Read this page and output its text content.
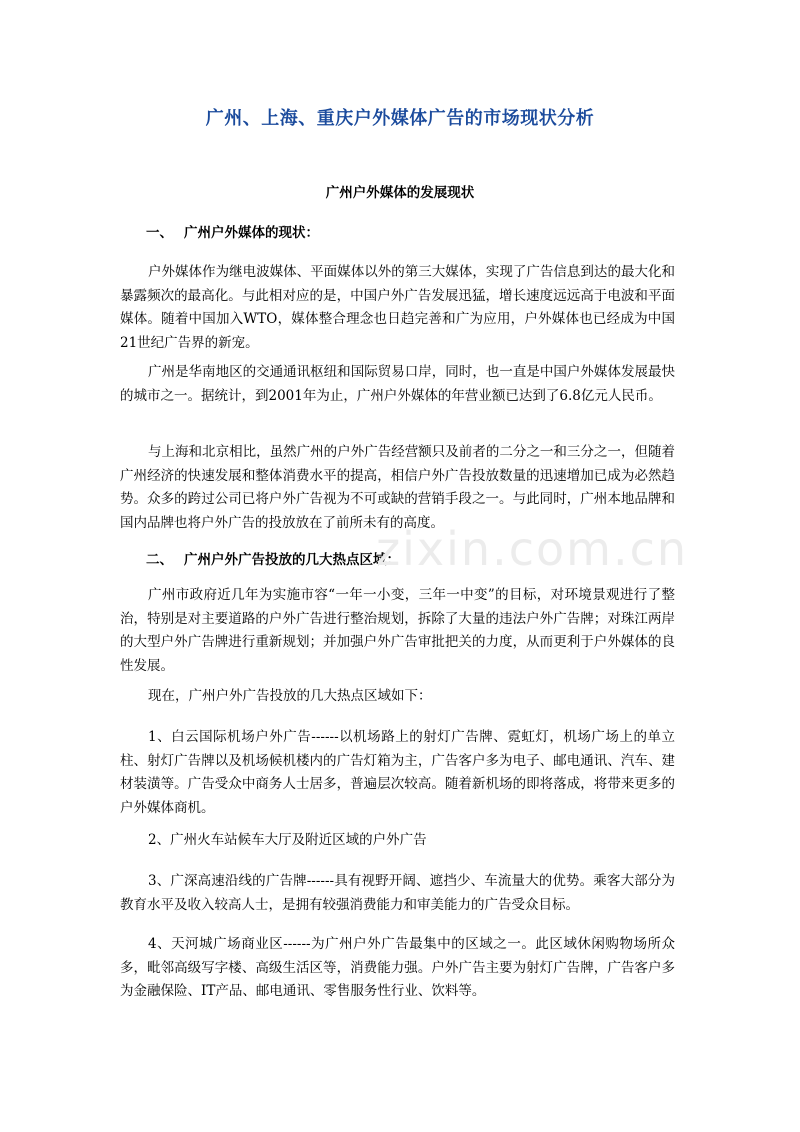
广州、上海、重庆户外媒体广告的市场现状分析
广州户外媒体的发展现状
一、 广州户外媒体的现状：
户外媒体作为继电波媒体、平面媒体以外的第三大媒体，实现了广告信息到达的最大化和暴露频次的最高化。与此相对应的是，中国户外广告发展迅猛，增长速度远远高于电波和平面媒体。随着中国加入WTO，媒体整合理念也日趋完善和广为应用，户外媒体也已经成为中国21世纪广告界的新宠。
广州是华南地区的交通通讯枢纽和国际贸易口岸，同时，也一直是中国户外媒体发展最快的城市之一。据统计，到2001年为止，广州户外媒体的年营业额已达到了6.8亿元人民币。
与上海和北京相比，虽然广州的户外广告经营额只及前者的二分之一和三分之一，但随着广州经济的快速发展和整体消费水平的提高，相信户外广告投放数量的迅速增加已成为必然趋势。众多的跨过公司已将户外广告视为不可或缺的营销手段之一。与此同时，广州本地品牌和国内品牌也将户外广告的投放放在了前所未有的高度。
二、 广州户外广告投放的几大热点区域：
广州市政府近几年为实施市容“一年一小变，三年一中变”的目标，对环境景观进行了整治，特别是对主要道路的户外广告进行整治规划，拆除了大量的违法户外广告牌；对珠江两岸的大型户外广告牌进行重新规划；并加强户外广告审批把关的力度，从而更利于户外媒体的良性发展。
现在，广州户外广告投放的几大热点区域如下：
1、白云国际机场户外广告------以机场路上的射灯广告牌、霓虹灯，机场广场上的单立柱、射灯广告牌以及机场候机楼内的广告灯箱为主，广告客户多为电子、邮电通讯、汽车、建材装潢等。广告受众中商务人士居多，普遍层次较高。随着新机场的即将落成，将带来更多的户外媒体商机。
2、广州火车站候车大厅及附近区域的户外广告
3、广深高速沿线的广告牌------具有视野开阔、遮挡少、车流量大的优势。乘客大部分为教育水平及收入较高人士，是拥有较强消费能力和审美能力的广告受众目标。
4、天河城广场商业区------为广州户外广告最集中的区域之一。此区域休闲购物场所众多，毗邻高级写字楼、高级生活区等，消费能力强。户外广告主要为射灯广告牌，广告客户多为金融保险、IT产品、邮电通讯、零售服务性行业、饮料等。
zixin.com.cn
